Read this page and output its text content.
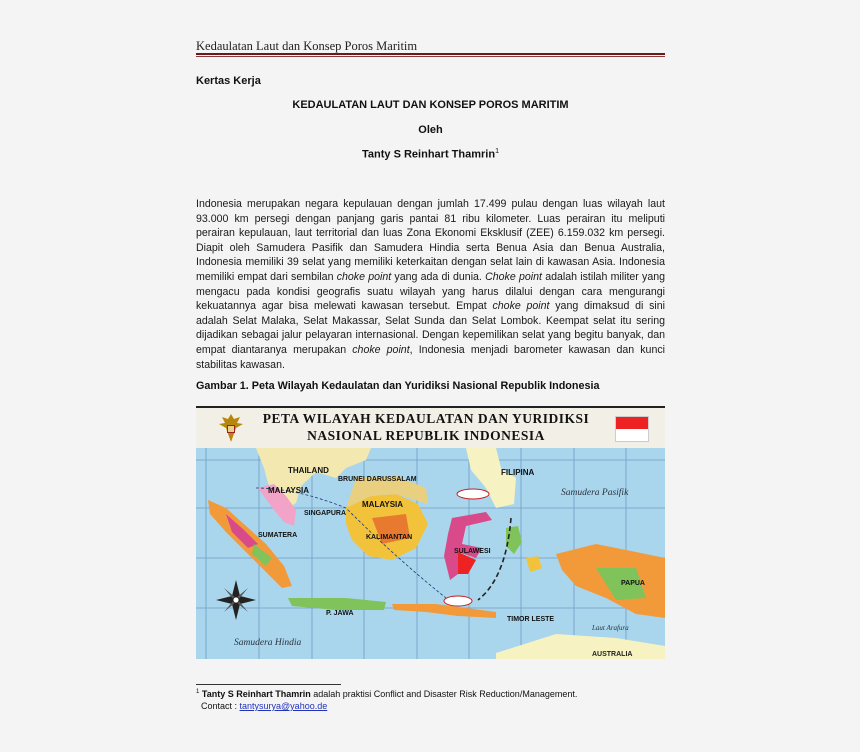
Kedaulatan Laut dan Konsep Poros Maritim
Kertas Kerja
KEDAULATAN LAUT DAN KONSEP POROS MARITIM
Oleh
Tanty S Reinhart Thamrin$^1$
Indonesia merupakan negara kepulauan dengan jumlah 17.499 pulau dengan luas wilayah laut 93.000 km persegi dengan panjang garis pantai 81 ribu kilometer. Luas perairan itu meliputi perairan kepulauan, laut territorial dan luas Zona Ekonomi Eksklusif (ZEE) 6.159.032 km persegi. Diapit oleh Samudera Pasifik dan Samudera Hindia serta Benua Asia dan Benua Australia, Indonesia memiliki 39 selat yang memiliki keterkaitan dengan selat lain di kawasan Asia. Indonesia memiliki empat dari sembilan choke point yang ada di dunia. Choke point adalah istilah militer yang mengacu pada kondisi geografis suatu wilayah yang harus dilalui dengan cara mengurangi kekuatannya agar bisa melewati kawasan tersebut. Empat choke point yang dimaksud di sini adalah Selat Malaka, Selat Makassar, Selat Sunda dan Selat Lombok. Keempat selat itu sering dijadikan sebagai jalur pelayaran internasional. Dengan kepemilikan selat yang begitu banyak, dan empat diantaranya merupakan choke point, Indonesia menjadi barometer kawasan dan kunci stabilitas kawasan.
Gambar 1. Peta Wilayah Kedaulatan dan Yuridiksi Nasional Republik Indonesia
PETA WILAYAH KEDAULATAN DAN YURIDIKSI
NASIONAL REPUBLIK INDONESIA
THAILAND
BRUNEI DARUSSALAM
FILIPINA
MALAYSIA
MALAYSIA
SINGAPURA
SUMATERA	KALIMANTAN
SULAWESI
P. JAWA
PAPUA
TIMOR LESTE
AUSTRALIA
Samudera Pasifik
Samudera Hindia
Laut Arafura
$^1$ Tanty S Reinhart Thamrin adalah praktisi Conflict and Disaster Risk Reduction/Management.
Contact : tantysurya@yahoo.de
